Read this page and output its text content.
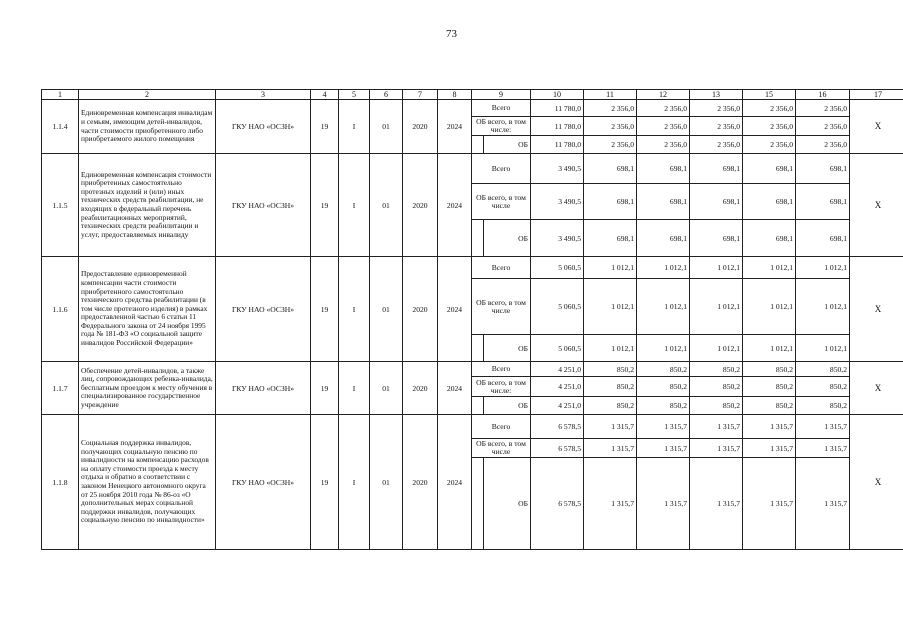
73
1	2	3	4	5	6	7	8	9		10	11	12	13	15	16	17
1.1.4	Единовременная компенсация инвалидам и семьям, имеющим детей-инвалидов, части стоимости приобретенного либо приобретаемого жилого помещения	ГКУ НАО «ОСЗН»	19	I	01	2020	2024	Всего		11 780,0	2 356,0	2 356,0	2 356,0	2 356,0	2 356,0	X
								ОБ всего, в том числе:		11 780,0	2 356,0	2 356,0	2 356,0	2 356,0	2 356,0	
									ОБ	11 780,0	2 356,0	2 356,0	2 356,0	2 356,0	2 356,0	
1.1.5	Единовременная компенсация стоимости приобретенных самостоятельно протезных изделий и (или) иных технических средств реабилитации, не входящих в федеральный перечень реабилитационных мероприятий, технических средств реабилитации и услуг, предоставляемых инвалиду	ГКУ НАО «ОСЗН»	19	I	01	2020	2024	Всего		3 490,5	698,1	698,1	698,1	698,1	698,1	X
								ОБ всего, в том числе		3 490,5	698,1	698,1	698,1	698,1	698,1	
									ОБ	3 490,5	698,1	698,1	698,1	698,1	698,1	
1.1.6	Предоставление единовременной компенсации части стоимости приобретенного самостоятельно технического средства реабилитации (в том числе протезного изделия) в рамках предоставленной частью 6 статьи 11 Федерального закона от 24 ноября 1995 года № 181-ФЗ «О социальной защите инвалидов Российской Федерации»	ГКУ НАО «ОСЗН»	19	I	01	2020	2024	Всего		5 060,5	1 012,1	1 012,1	1 012,1	1 012,1	1 012,1	X
								ОБ всего, в том числе		5 060,5	1 012,1	1 012,1	1 012,1	1 012,1	1 012,1	
									ОБ	5 060,5	1 012,1	1 012,1	1 012,1	1 012,1	1 012,1	
1.1.7	Обеспечение детей-инвалидов, а также лиц, сопровождающих ребенка-инвалида, бесплатным проездом к месту обучения в специализированное государственное учреждение	ГКУ НАО «ОСЗН»	19	I	01	2020	2024	Всего		4 251,0	850,2	850,2	850,2	850,2	850,2	X
								ОБ всего, в том числе:		4 251,0	850,2	850,2	850,2	850,2	850,2	
									ОБ	4 251,0	850,2	850,2	850,2	850,2	850,2	
1.1.8	Социальная поддержка инвалидов, получающих социальную пенсию по инвалидности на компенсацию расходов на оплату стоимости проезда к месту отдыха и обратно в соответствии с законом Ненецкого автономного округа от 25 ноября 2010 года № 86-оз «О дополнительных мерах социальной поддержки инвалидов, получающих социальную пенсию по инвалидности»	ГКУ НАО «ОСЗН»	19	I	01	2020	2024	Всего		6 578,5	1 315,7	1 315,7	1 315,7	1 315,7	1 315,7	X
								ОБ всего, в том числе		6 578,5	1 315,7	1 315,7	1 315,7	1 315,7	1 315,7	
									ОБ	6 578,5	1 315,7	1 315,7	1 315,7	1 315,7	1 315,7	
